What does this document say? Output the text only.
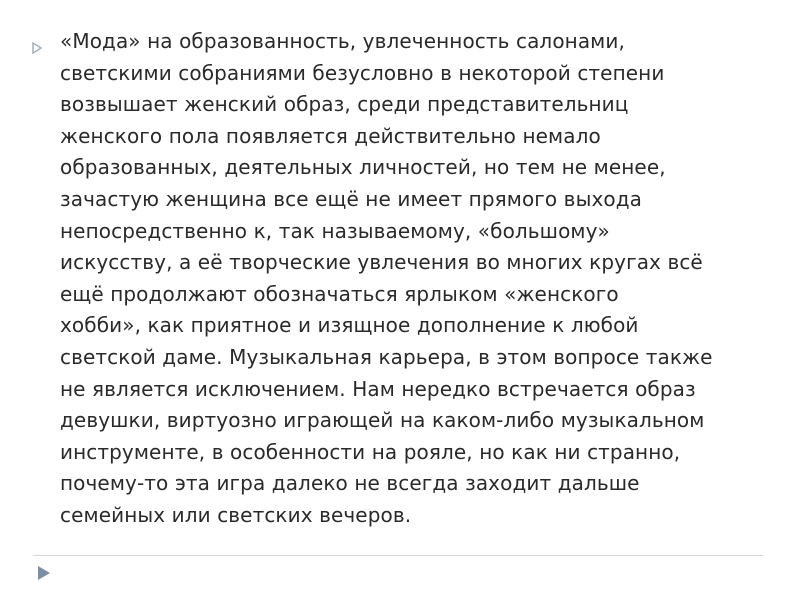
«Мода» на образованность, увлеченность салонами,
светскими собраниями безусловно в некоторой степени
возвышает женский образ, среди представительниц
женского пола появляется действительно немало
образованных, деятельных личностей, но тем не менее,
зачастую женщина все ещё не имеет прямого выхода
непосредственно к, так называемому, «большому»
искусству, а её творческие увлечения во многих кругах всё
ещё продолжают обозначаться ярлыком «женского
хобби», как приятное и изящное дополнение к любой
светской даме. Музыкальная карьера, в этом вопросе также
не является исключением. Нам нередко встречается образ
девушки, виртуозно играющей на каком-либо музыкальном
инструменте, в особенности на рояле, но как ни странно,
почему-то эта игра далеко не всегда заходит дальше
семейных или светских вечеров.
